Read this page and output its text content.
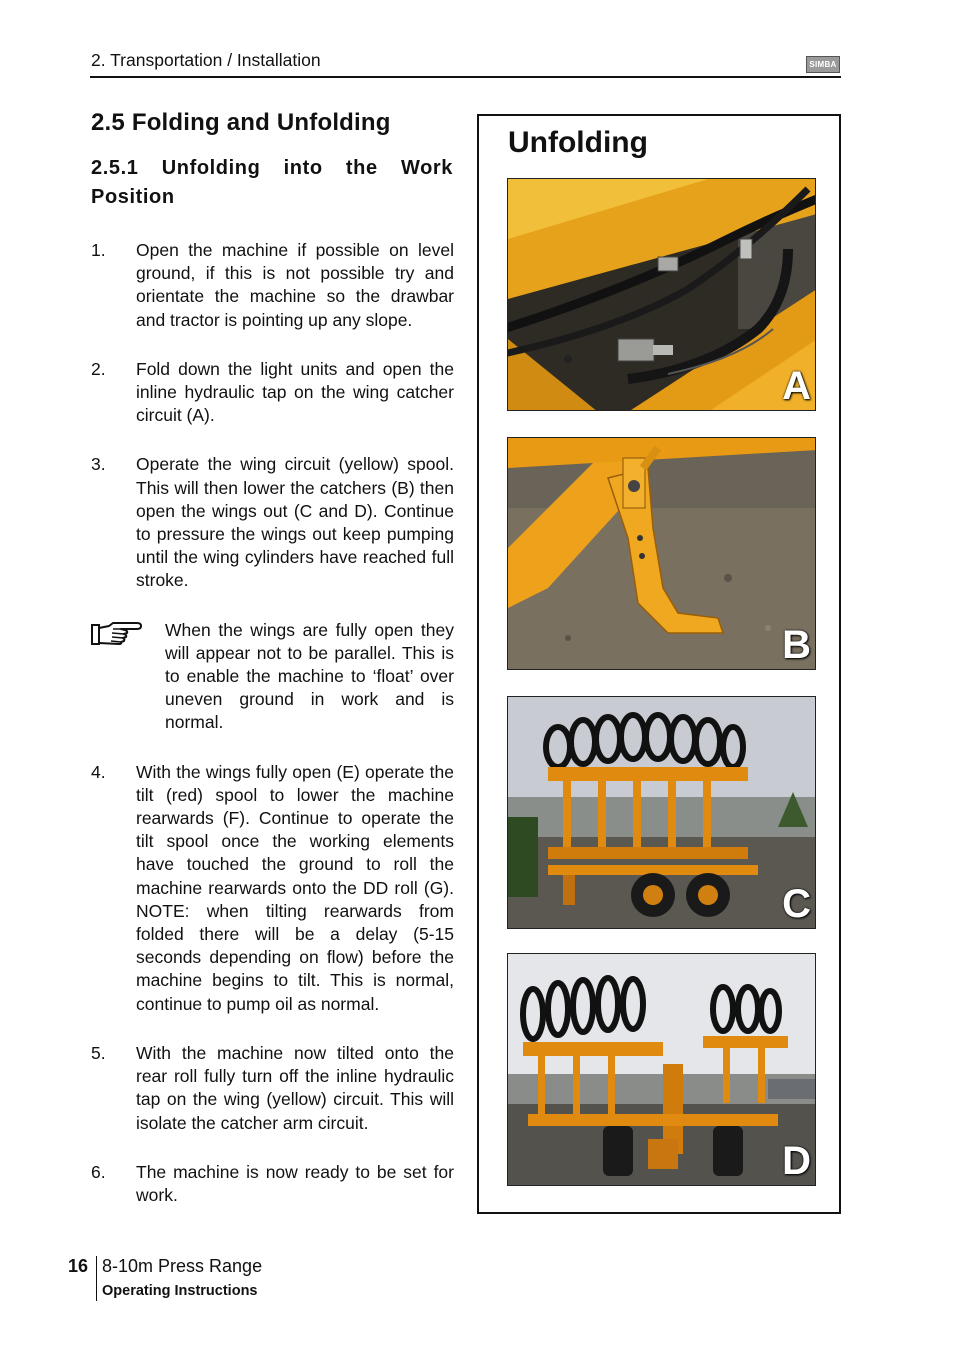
2. Transportation / Installation	SIMBA
2.5 Folding and Unfolding
2.5.1 Unfolding into the Work Position
1.	Open the machine if possible on level ground, if this is not possible try and orientate the machine so the drawbar and tractor is pointing up any slope.
2.	Fold down the light units and open the inline hydraulic tap on the wing catcher circuit (A).
3.	Operate the wing circuit (yellow) spool. This will then lower the catchers (B) then open the wings out (C and D). Continue to pressure the wings out keep pumping until the wing cylinders have reached full stroke.
When the wings are fully open they will appear not to be parallel. This is to enable the machine to ‘float’ over uneven ground in work and is normal.
4.	With the wings fully open (E) operate the tilt (red) spool to lower the machine rearwards (F). Continue to operate the tilt spool once the working elements have touched the ground to roll the machine rearwards onto the DD roll (G). NOTE: when tilting rearwards from folded there will be a delay (5-15 seconds depending on flow) before the machine begins to tilt. This is normal, continue to pump oil as normal.
5.	With the machine now tilted onto the rear roll fully turn off the inline hydraulic tap on the wing (yellow) circuit. This will isolate the catcher arm circuit.
6.	The machine is now ready to be set for work.
Unfolding
A
B
C
D
16 8-10m Press Range
Operating Instructions
